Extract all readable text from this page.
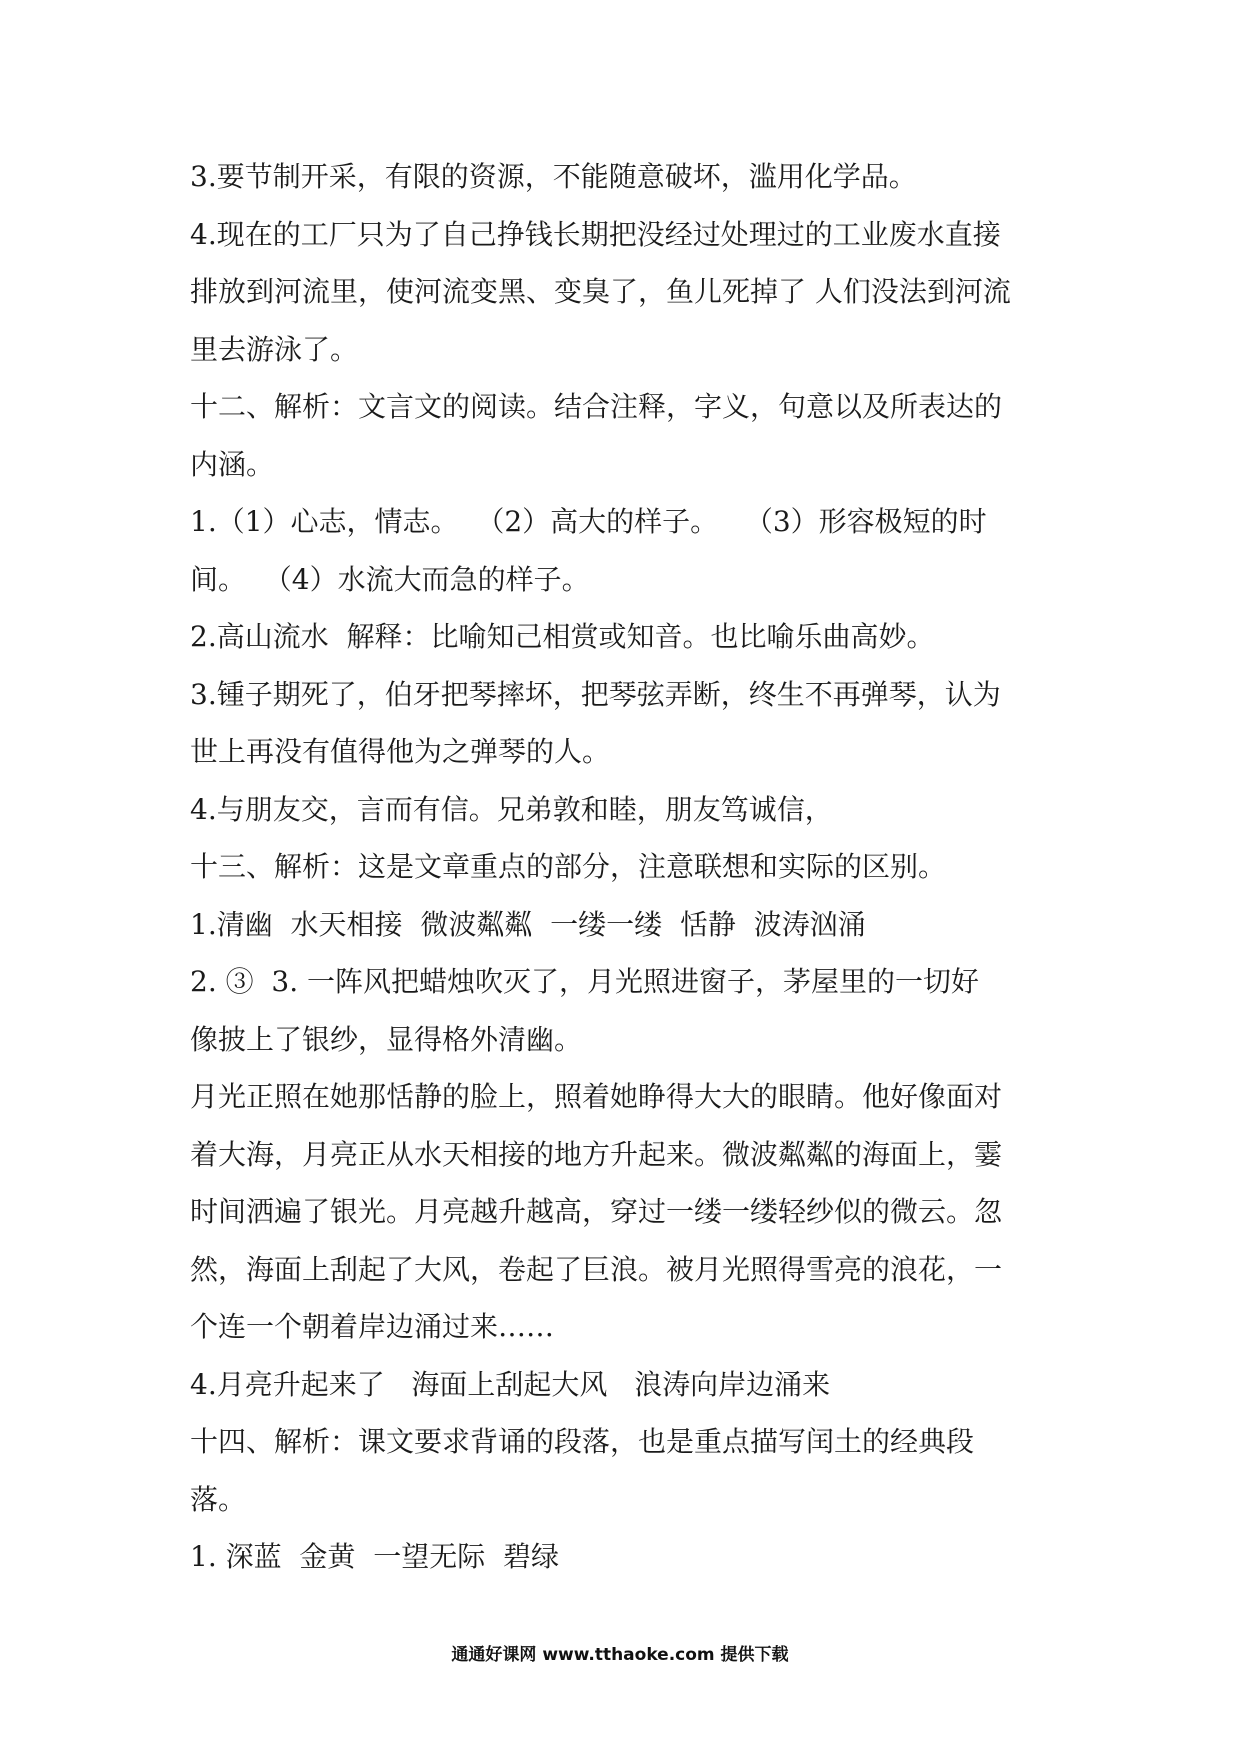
3.要节制开采，有限的资源，不能随意破坏，滥用化学品。
4.现在的工厂只为了自己挣钱长期把没经过处理过的工业废水直接
排放到河流里，使河流变黑、变臭了，鱼儿死掉了 人们没法到河流
里去游泳了。
十二、解析：文言文的阅读。结合注释，字义，句意以及所表达的
内涵。
1.（1）心志，情志。  （2）高大的样子。   （3）形容极短的时
间。  （4）水流大而急的样子。
2.高山流水  解释：比喻知己相赏或知音。也比喻乐曲高妙。
3.锺子期死了，伯牙把琴摔坏，把琴弦弄断，终生不再弹琴，认为
世上再没有值得他为之弹琴的人。
4.与朋友交，言而有信。兄弟敦和睦，朋友笃诚信，
十三、解析：这是文章重点的部分，注意联想和实际的区别。
1.清幽  水天相接  微波粼粼  一缕一缕  恬静  波涛汹涌
2. ③  3. 一阵风把蜡烛吹灭了，月光照进窗子，茅屋里的一切好
像披上了银纱，显得格外清幽。
月光正照在她那恬静的脸上，照着她睁得大大的眼睛。他好像面对
着大海，月亮正从水天相接的地方升起来。微波粼粼的海面上，霎
时间洒遍了银光。月亮越升越高，穿过一缕一缕轻纱似的微云。忽
然，海面上刮起了大风，卷起了巨浪。被月光照得雪亮的浪花，一
个连一个朝着岸边涌过来……
4.月亮升起来了   海面上刮起大风   浪涛向岸边涌来
十四、解析：课文要求背诵的段落，也是重点描写闰土的经典段
落。
1. 深蓝  金黄  一望无际  碧绿
通通好课网 www.tthaoke.com 提供下载
